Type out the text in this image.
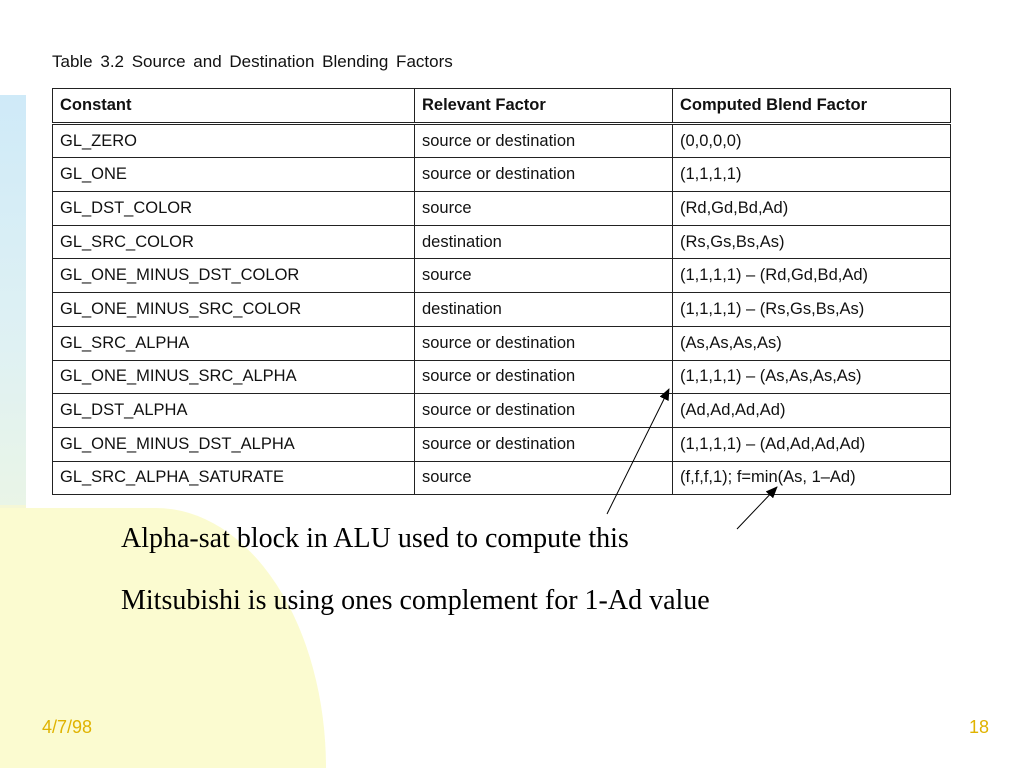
Table 3.2 Source and Destination Blending Factors
Constant	Relevant Factor	Computed Blend Factor
GL_ZERO	source or destination	(0,0,0,0)
GL_ONE	source or destination	(1,1,1,1)
GL_DST_COLOR	source	(Rd,Gd,Bd,Ad)
GL_SRC_COLOR	destination	(Rs,Gs,Bs,As)
GL_ONE_MINUS_DST_COLOR	source	(1,1,1,1) – (Rd,Gd,Bd,Ad)
GL_ONE_MINUS_SRC_COLOR	destination	(1,1,1,1) – (Rs,Gs,Bs,As)
GL_SRC_ALPHA	source or destination	(As,As,As,As)
GL_ONE_MINUS_SRC_ALPHA	source or destination	(1,1,1,1) – (As,As,As,As)
GL_DST_ALPHA	source or destination	(Ad,Ad,Ad,Ad)
GL_ONE_MINUS_DST_ALPHA	source or destination	(1,1,1,1) – (Ad,Ad,Ad,Ad)
GL_SRC_ALPHA_SATURATE	source	(f,f,f,1); f=min(As, 1–Ad)
Alpha-sat block in ALU used to compute this
Mitsubishi is using ones complement for 1-Ad value
4/7/98	18
